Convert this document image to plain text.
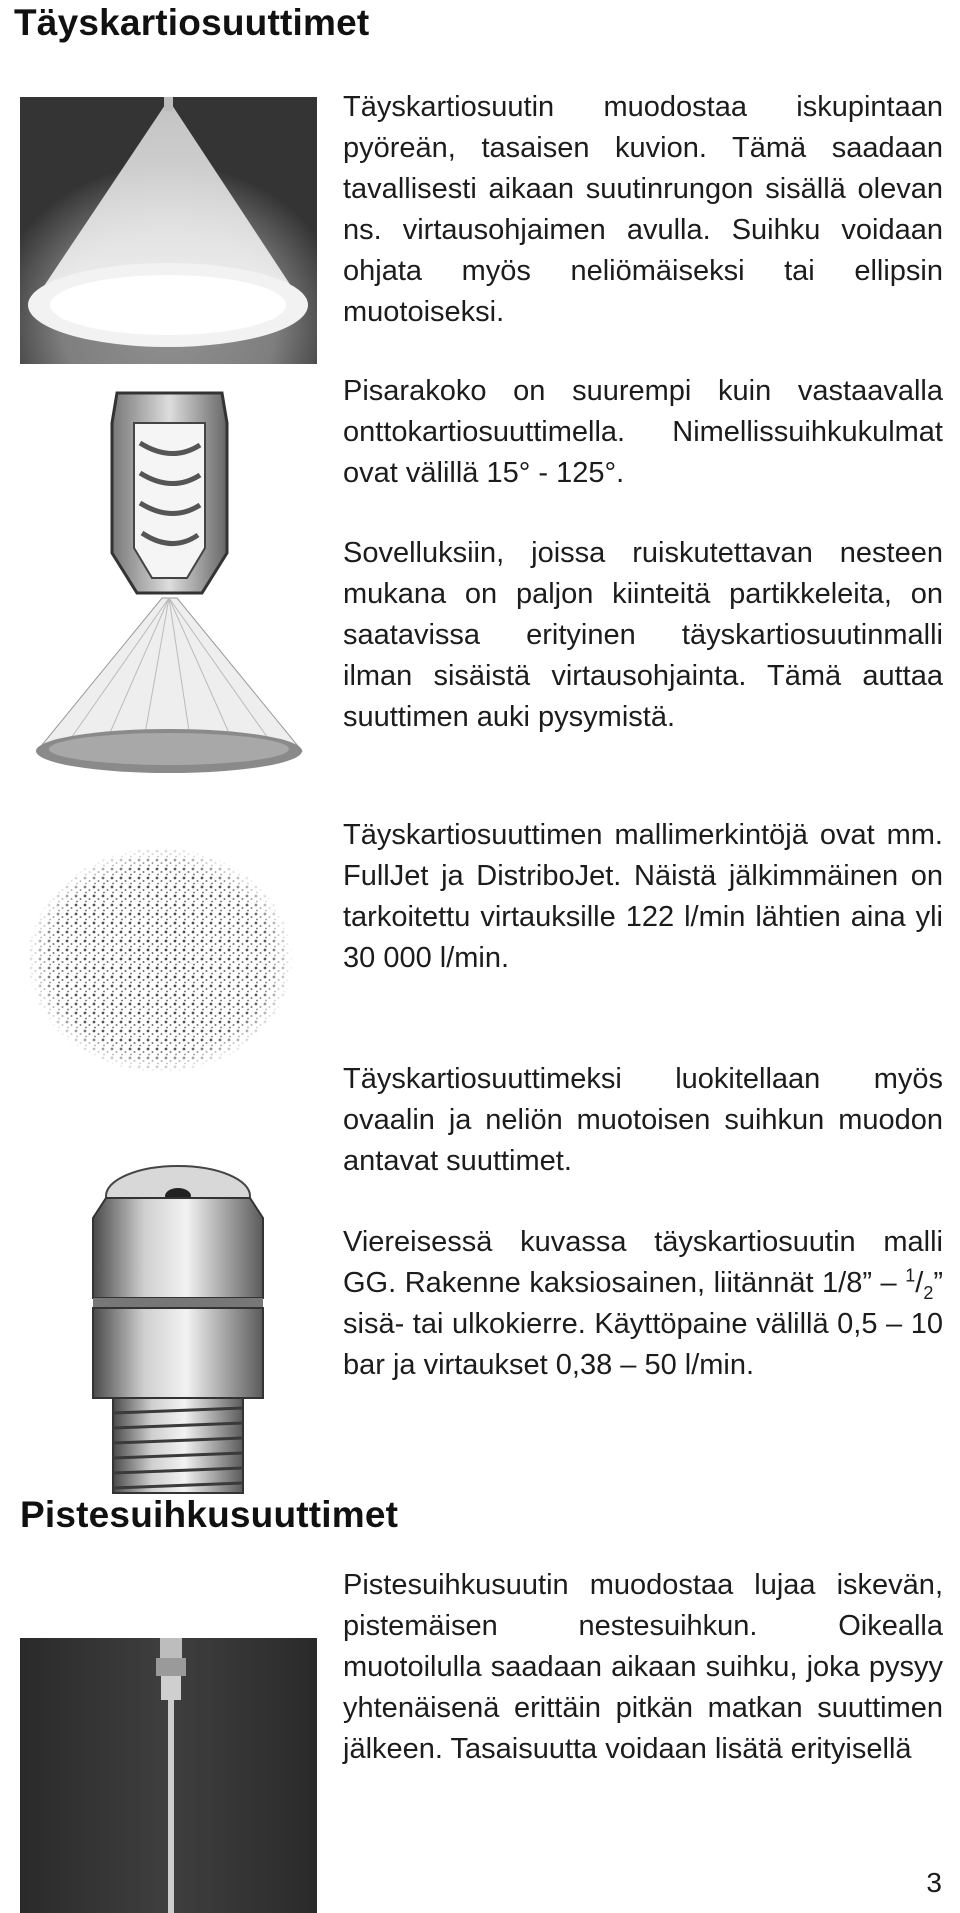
Täyskartiosuuttimet
Pistesuihkusuuttimet

Täyskartiosuutin muodostaa iskupintaan pyöreän, tasaisen kuvion. Tämä saadaan tavallisesti aikaan suutinrungon sisällä olevan ns. virtausohjaimen avulla. Suihku voidaan ohjata myös neliömäiseksi tai ellipsin muotoiseksi.

Pisarakoko on suurempi kuin vastaavalla onttokartiosuuttimella. Nimellissuihkukulmat ovat välillä 15° - 125°.

Sovelluksiin, joissa ruiskutettavan nesteen mukana on paljon kiinteitä partikkeleita, on saatavissa erityinen täyskartiosuutinmalli ilman sisäistä virtausohjainta. Tämä auttaa suuttimen auki pysymistä.

Täyskartiosuuttimen mallimerkintöjä ovat mm. FullJet ja DistriboJet. Näistä jälkimmäinen on tarkoitettu virtauksille 122 l/min lähtien aina yli 30 000 l/min.

Täyskartiosuuttimeksi luokitellaan myös ovaalin ja neliön muotoisen suihkun muodon antavat suuttimet.

Viereisessä kuvassa täyskartiosuutin malli GG. Rakenne kaksiosainen, liitännät 1/8” – $^1/_2$” sisä- tai ulkokierre. Käyttöpaine välillä 0,5 – 10 bar ja virtaukset 0,38 – 50 l/min.

Pistesuihkusuutin muodostaa lujaa iskevän, pistemäisen nestesuihkun. Oikealla muotoilulla saadaan aikaan suihku, joka pysyy yhtenäisenä erittäin pitkän matkan suuttimen jälkeen. Tasaisuutta voidaan lisätä erityisellä

3
